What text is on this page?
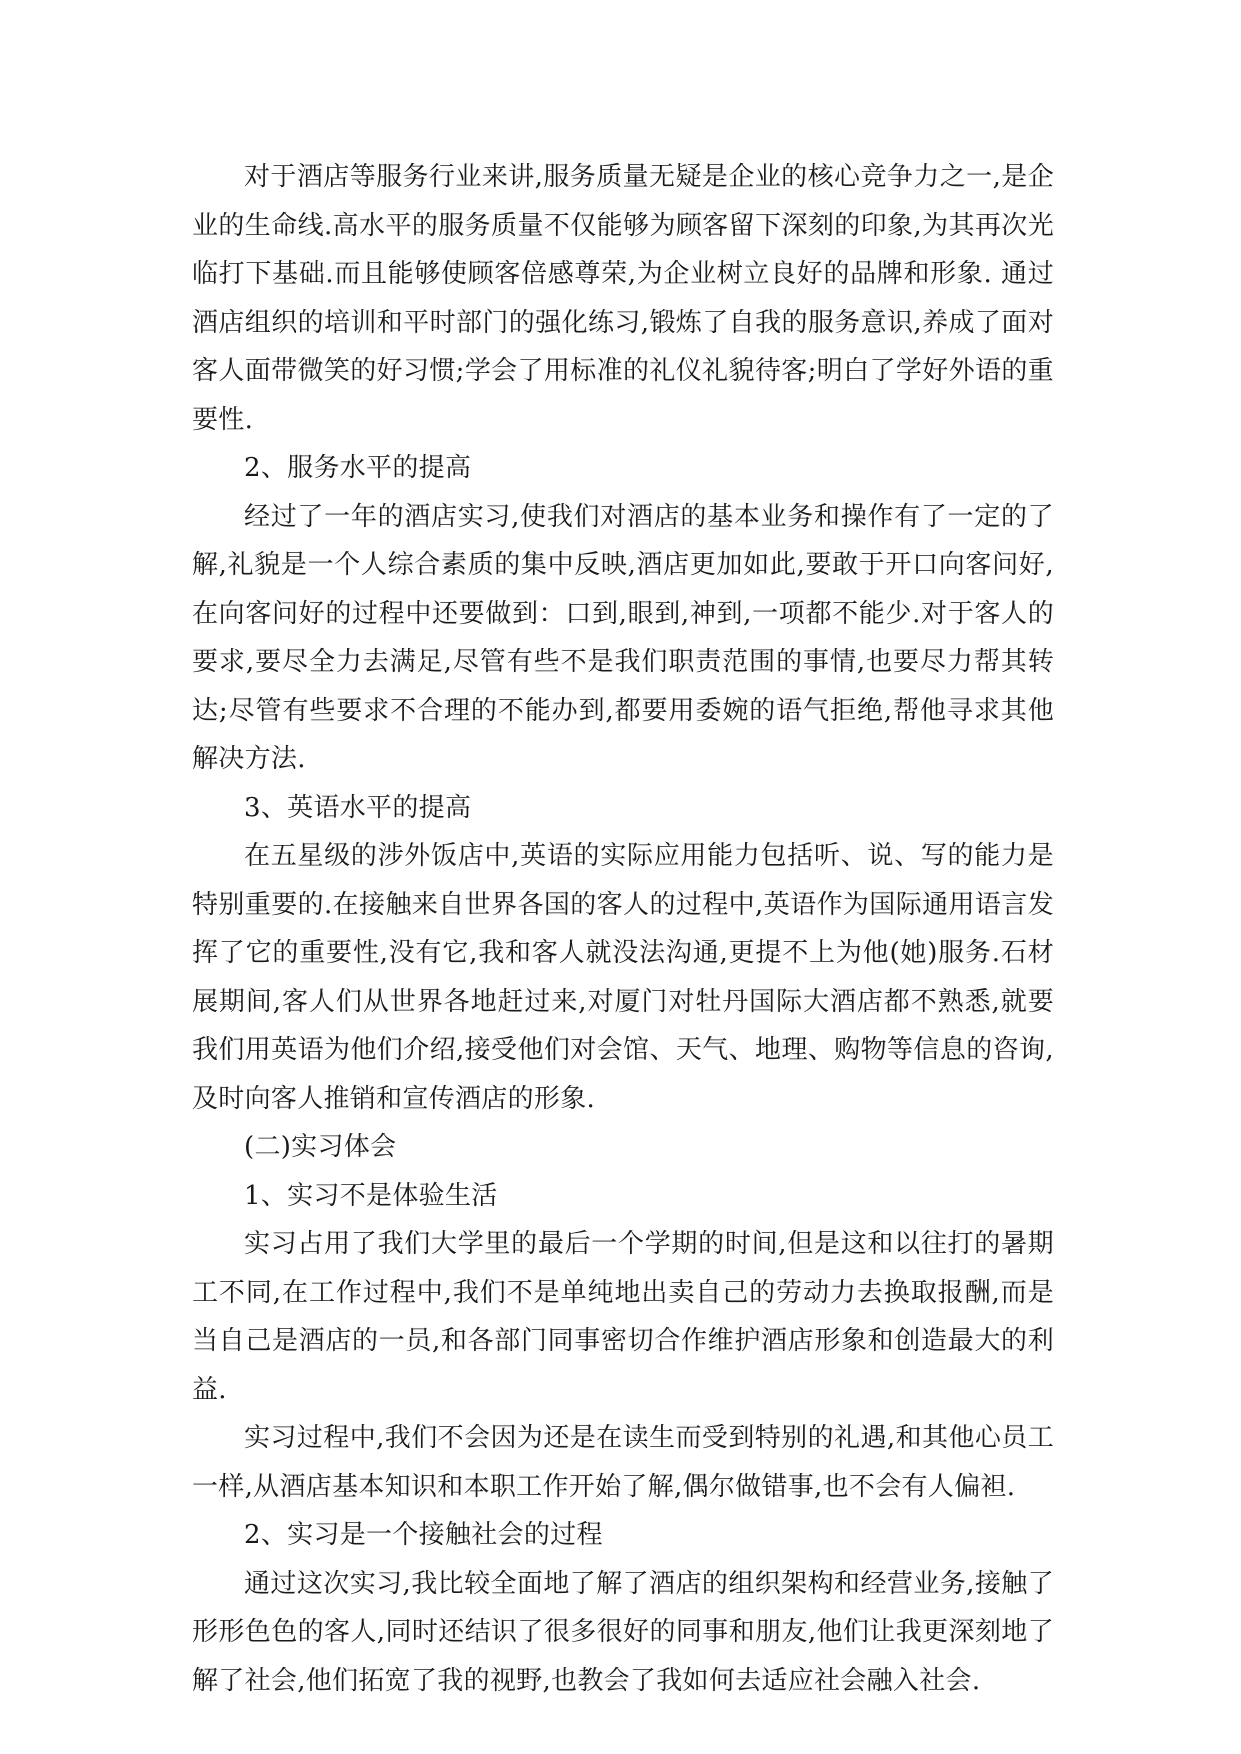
对于酒店等服务行业来讲,服务质量无疑是企业的核心竞争力之一,是企业的生命线.高水平的服务质量不仅能够为顾客留下深刻的印象,为其再次光临打下基础.而且能够使顾客倍感尊荣,为企业树立良好的品牌和形象. 通过酒店组织的培训和平时部门的强化练习,锻炼了自我的服务意识,养成了面对客人面带微笑的好习惯;学会了用标准的礼仪礼貌待客;明白了学好外语的重要性.

2、服务水平的提高

经过了一年的酒店实习,使我们对酒店的基本业务和操作有了一定的了解,礼貌是一个人综合素质的集中反映,酒店更加如此,要敢于开口向客问好,在向客问好的过程中还要做到：口到,眼到,神到,一项都不能少.对于客人的要求,要尽全力去满足,尽管有些不是我们职责范围的事情,也要尽力帮其转达;尽管有些要求不合理的不能办到,都要用委婉的语气拒绝,帮他寻求其他解决方法.

3、英语水平的提高

在五星级的涉外饭店中,英语的实际应用能力包括听、说、写的能力是特别重要的.在接触来自世界各国的客人的过程中,英语作为国际通用语言发挥了它的重要性,没有它,我和客人就没法沟通,更提不上为他(她)服务.石材展期间,客人们从世界各地赶过来,对厦门对牡丹国际大酒店都不熟悉,就要我们用英语为他们介绍,接受他们对会馆、天气、地理、购物等信息的咨询,及时向客人推销和宣传酒店的形象.

(二)实习体会

1、实习不是体验生活

实习占用了我们大学里的最后一个学期的时间,但是这和以往打的暑期工不同,在工作过程中,我们不是单纯地出卖自己的劳动力去换取报酬,而是当自己是酒店的一员,和各部门同事密切合作维护酒店形象和创造最大的利益.

实习过程中,我们不会因为还是在读生而受到特别的礼遇,和其他心员工一样,从酒店基本知识和本职工作开始了解,偶尔做错事,也不会有人偏袒.

2、实习是一个接触社会的过程

通过这次实习,我比较全面地了解了酒店的组织架构和经营业务,接触了形形色色的客人,同时还结识了很多很好的同事和朋友,他们让我更深刻地了解了社会,他们拓宽了我的视野,也教会了我如何去适应社会融入社会.
